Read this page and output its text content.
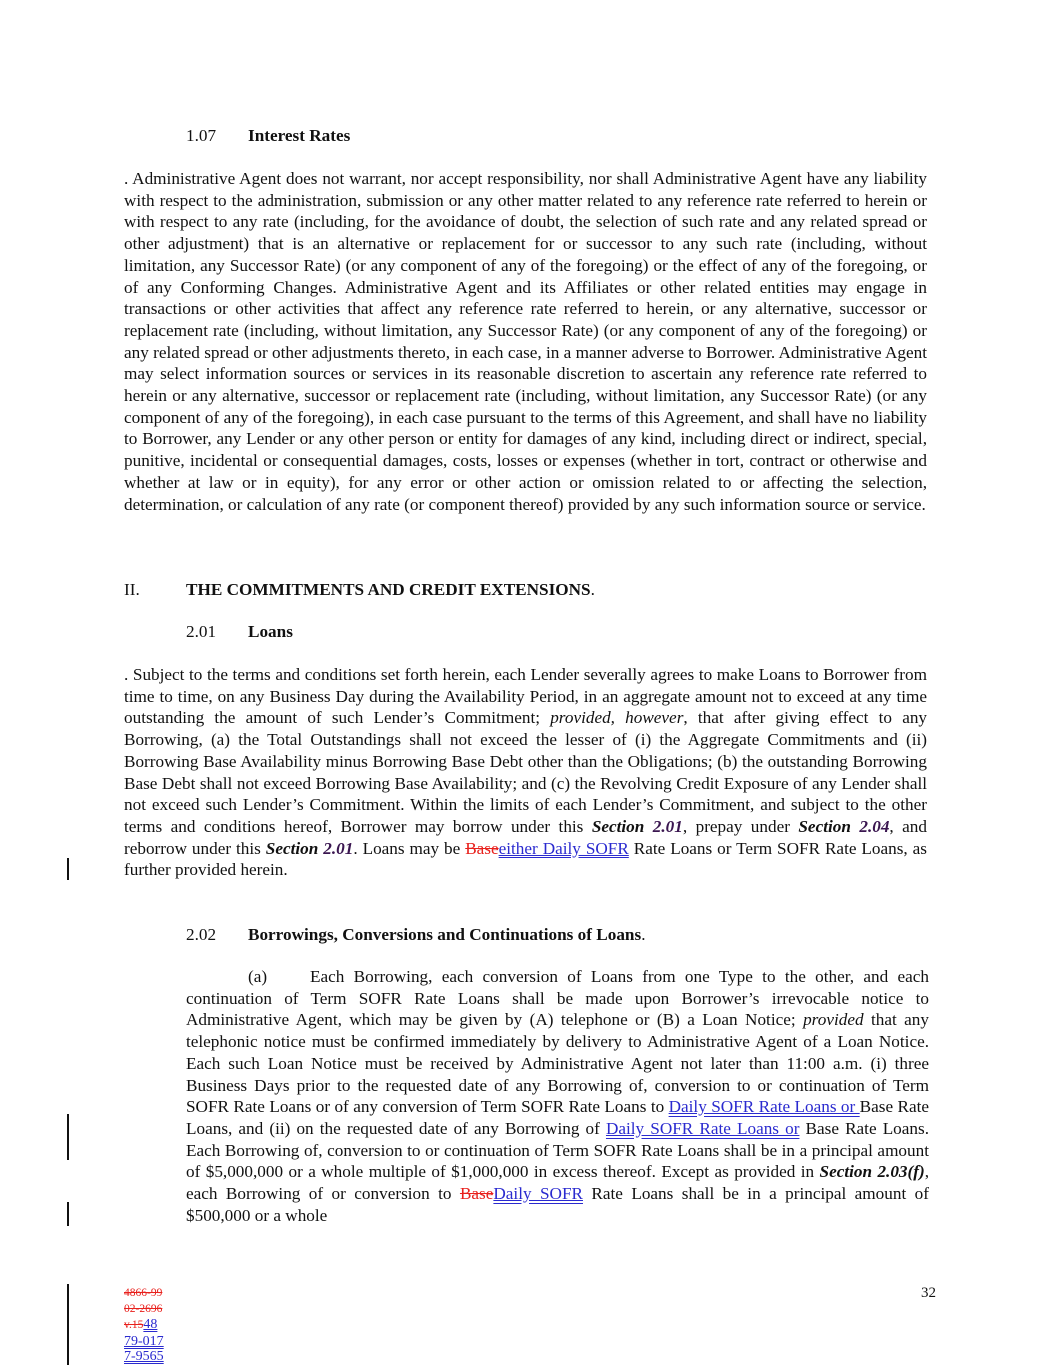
1.07 Interest Rates

. Administrative Agent does not warrant, nor accept responsibility, nor shall Administrative Agent have any liability with respect to the administration, submission or any other matter related to any reference rate referred to herein or with respect to any rate (including, for the avoidance of doubt, the selection of such rate and any related spread or other adjustment) that is an alternative or replacement for or successor to any such rate (including, without limitation, any Successor Rate) (or any component of any of the foregoing) or the effect of any of the foregoing, or of any Conforming Changes. Administrative Agent and its Affiliates or other related entities may engage in transactions or other activities that affect any reference rate referred to herein, or any alternative, successor or replacement rate (including, without limitation, any Successor Rate) (or any component of any of the foregoing) or any related spread or other adjustments thereto, in each case, in a manner adverse to Borrower. Administrative Agent may select information sources or services in its reasonable discretion to ascertain any reference rate referred to herein or any alternative, successor or replacement rate (including, without limitation, any Successor Rate) (or any component of any of the foregoing), in each case pursuant to the terms of this Agreement, and shall have no liability to Borrower, any Lender or any other person or entity for damages of any kind, including direct or indirect, special, punitive, incidental or consequential damages, costs, losses or expenses (whether in tort, contract or otherwise and whether at law or in equity), for any error or other action or omission related to or affecting the selection, determination, or calculation of any rate (or component thereof) provided by any such information source or service.

II.	THE COMMITMENTS AND CREDIT EXTENSIONS.
2.01 Loans

. Subject to the terms and conditions set forth herein, each Lender severally agrees to make Loans to Borrower from time to time, on any Business Day during the Availability Period, in an aggregate amount not to exceed at any time outstanding the amount of such Lender’s Commitment; provided, however, that after giving effect to any Borrowing, (a) the Total Outstandings shall not exceed the lesser of (i) the Aggregate Commitments and (ii) Borrowing Base Availability minus Borrowing Base Debt other than the Obligations; (b) the outstanding Borrowing Base Debt shall not exceed Borrowing Base Availability; and (c) the Revolving Credit Exposure of any Lender shall not exceed such Lender’s Commitment. Within the limits of each Lender’s Commitment, and subject to the other terms and conditions hereof, Borrower may borrow under this Section 2.01, prepay under Section 2.04, and reborrow under this Section 2.01. Loans may be Baseeither Daily SOFR Rate Loans or Term SOFR Rate Loans, as further provided herein.

2.02 Borrowings, Conversions and Continuations of Loans.

(a) Each Borrowing, each conversion of Loans from one Type to the other, and each continuation of Term SOFR Rate Loans shall be made upon Borrower’s irrevocable notice to Administrative Agent, which may be given by (A) telephone or (B) a Loan Notice; provided that any telephonic notice must be confirmed immediately by delivery to Administrative Agent of a Loan Notice. Each such Loan Notice must be received by Administrative Agent not later than 11:00 a.m. (i) three Business Days prior to the requested date of any Borrowing of, conversion to or continuation of Term SOFR Rate Loans or of any conversion of Term SOFR Rate Loans to Daily SOFR Rate Loans or Base Rate Loans, and (ii) on the requested date of any Borrowing of Daily SOFR Rate Loans or Base Rate Loans. Each Borrowing of, conversion to or continuation of Term SOFR Rate Loans shall be in a principal amount of $5,000,000 or a whole multiple of $1,000,000 in excess thereof. Except as provided in Section 2.03(f), each Borrowing of or conversion to BaseDaily SOFR Rate Loans shall be in a principal amount of $500,000 or a whole

4866-99
02-2696
v.1548
79-017
7-9565
32
